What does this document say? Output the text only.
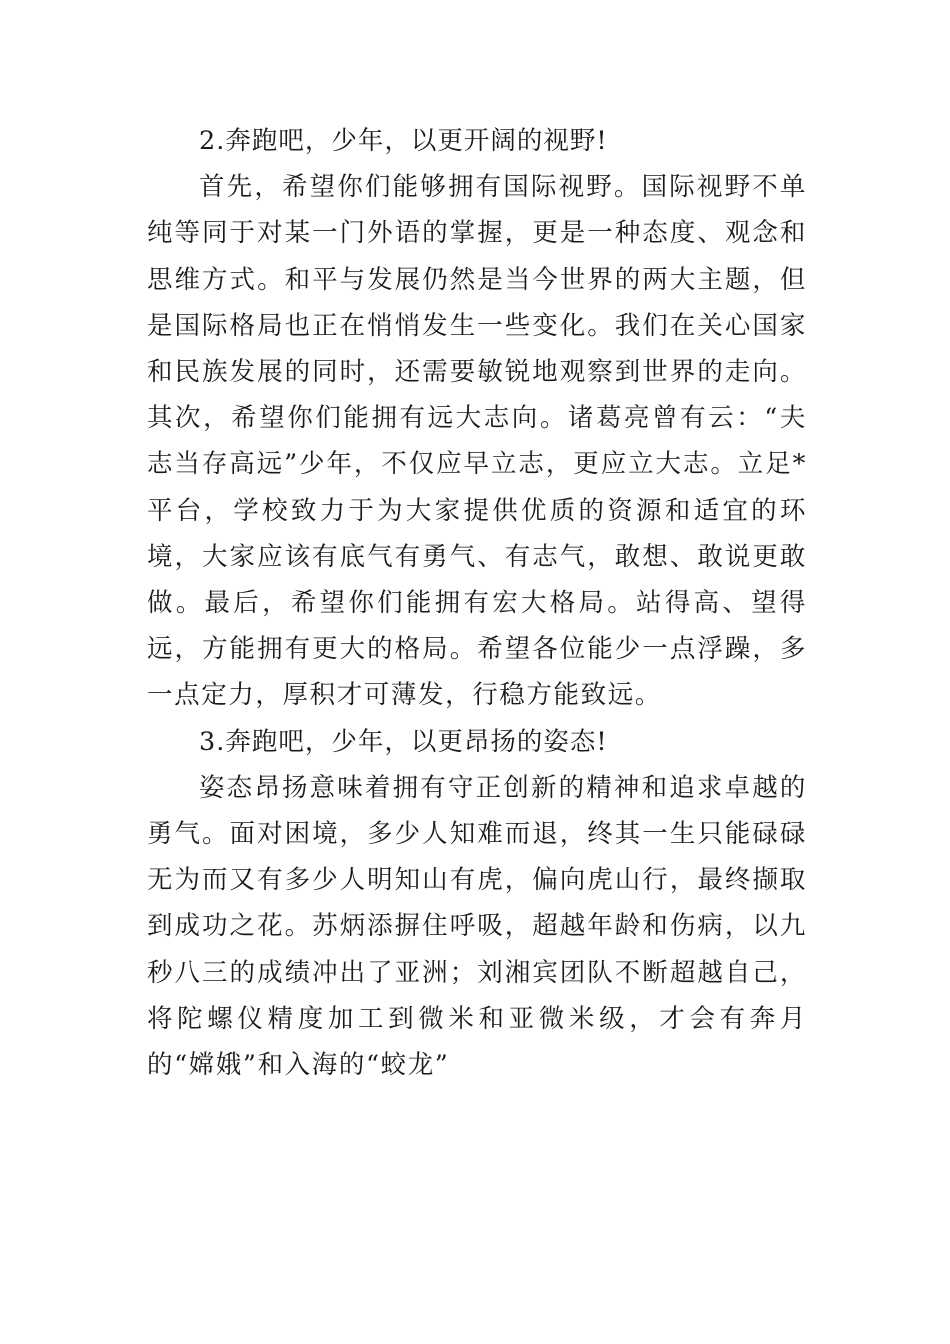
2.奔跑吧，少年，以更开阔的视野!

首先，希望你们能够拥有国际视野。国际视野不单纯等同于对某一门外语的掌握，更是一种态度、观念和思维方式。和平与发展仍然是当今世界的两大主题，但是国际格局也正在悄悄发生一些变化。我们在关心国家和民族发展的同时，还需要敏锐地观察到世界的走向。其次，希望你们能拥有远大志向。诸葛亮曾有云：“夫志当存高远”少年，不仅应早立志，更应立大志。立足*平台，学校致力于为大家提供优质的资源和适宜的环境，大家应该有底气有勇气、有志气，敢想、敢说更敢做。最后，希望你们能拥有宏大格局。站得高、望得远，方能拥有更大的格局。希望各位能少一点浮躁，多一点定力，厚积才可薄发，行稳方能致远。

3.奔跑吧，少年，以更昂扬的姿态!

姿态昂扬意味着拥有守正创新的精神和追求卓越的勇气。面对困境，多少人知难而退，终其一生只能碌碌无为而又有多少人明知山有虎，偏向虎山行，最终撷取到成功之花。苏炳添摒住呼吸，超越年龄和伤病，以九秒八三的成绩冲出了亚洲；刘湘宾团队不断超越自己，将陀螺仪精度加工到微米和亚微米级，才会有奔月的“嫦娥”和入海的“蛟龙”
